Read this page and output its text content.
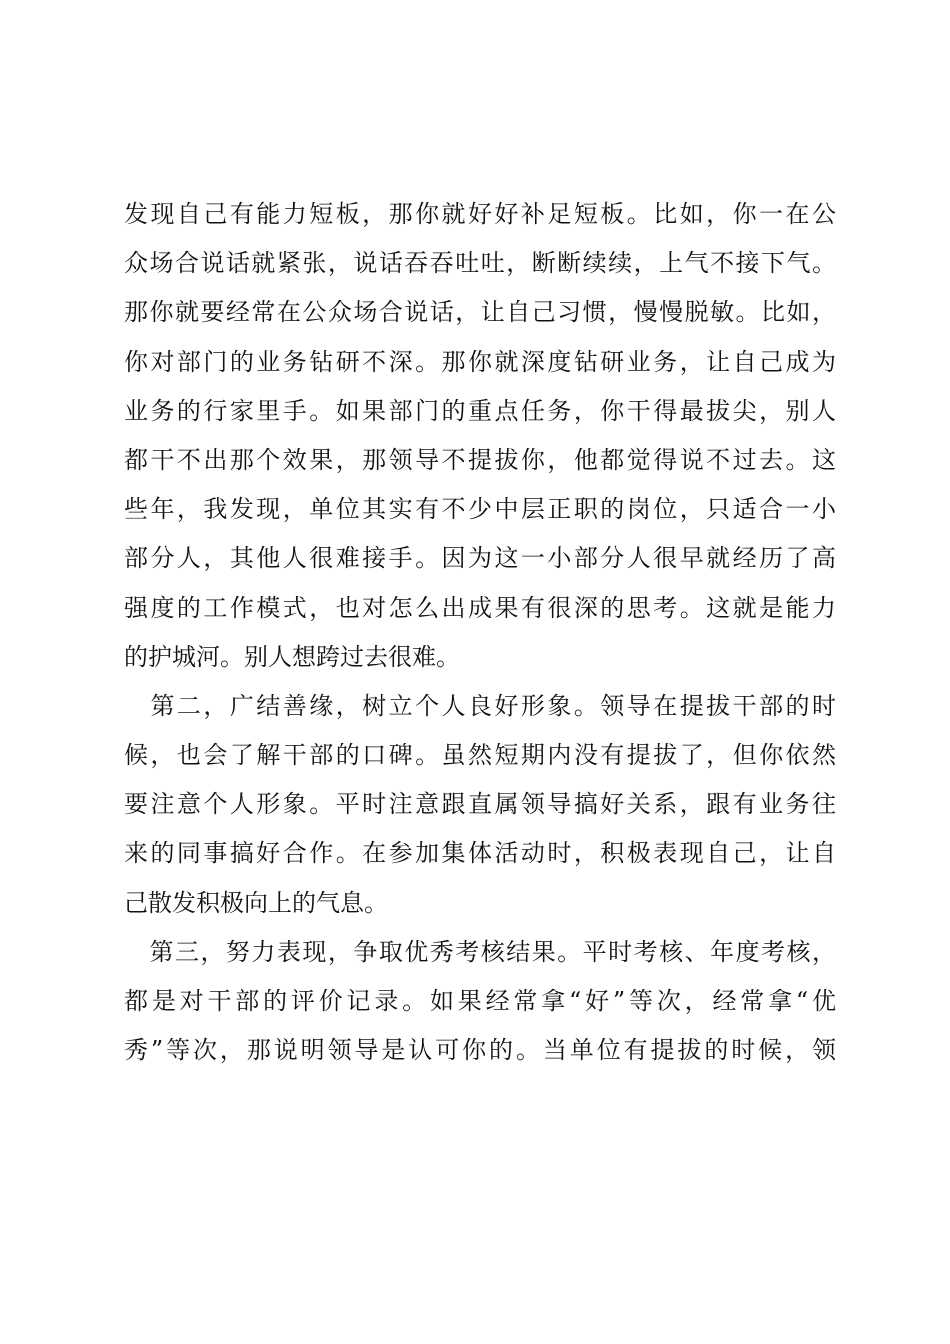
发现自己有能力短板，那你就好好补足短板。比如，你一在公
众场合说话就紧张，说话吞吞吐吐，断断续续，上气不接下气。
那你就要经常在公众场合说话，让自己习惯，慢慢脱敏。比如，
你对部门的业务钻研不深。那你就深度钻研业务，让自己成为
业务的行家里手。如果部门的重点任务，你干得最拔尖，别人
都干不出那个效果，那领导不提拔你，他都觉得说不过去。这
些年，我发现，单位其实有不少中层正职的岗位，只适合一小
部分人，其他人很难接手。因为这一小部分人很早就经历了高
强度的工作模式，也对怎么出成果有很深的思考。这就是能力
的护城河。别人想跨过去很难。
　第二，广结善缘，树立个人良好形象。领导在提拔干部的时
候，也会了解干部的口碑。虽然短期内没有提拔了，但你依然
要注意个人形象。平时注意跟直属领导搞好关系，跟有业务往
来的同事搞好合作。在参加集体活动时，积极表现自己，让自
己散发积极向上的气息。
　第三，努力表现，争取优秀考核结果。平时考核、年度考核，
都是对干部的评价记录。如果经常拿“好”等次，经常拿“优
秀”等次，那说明领导是认可你的。当单位有提拔的时候，领
